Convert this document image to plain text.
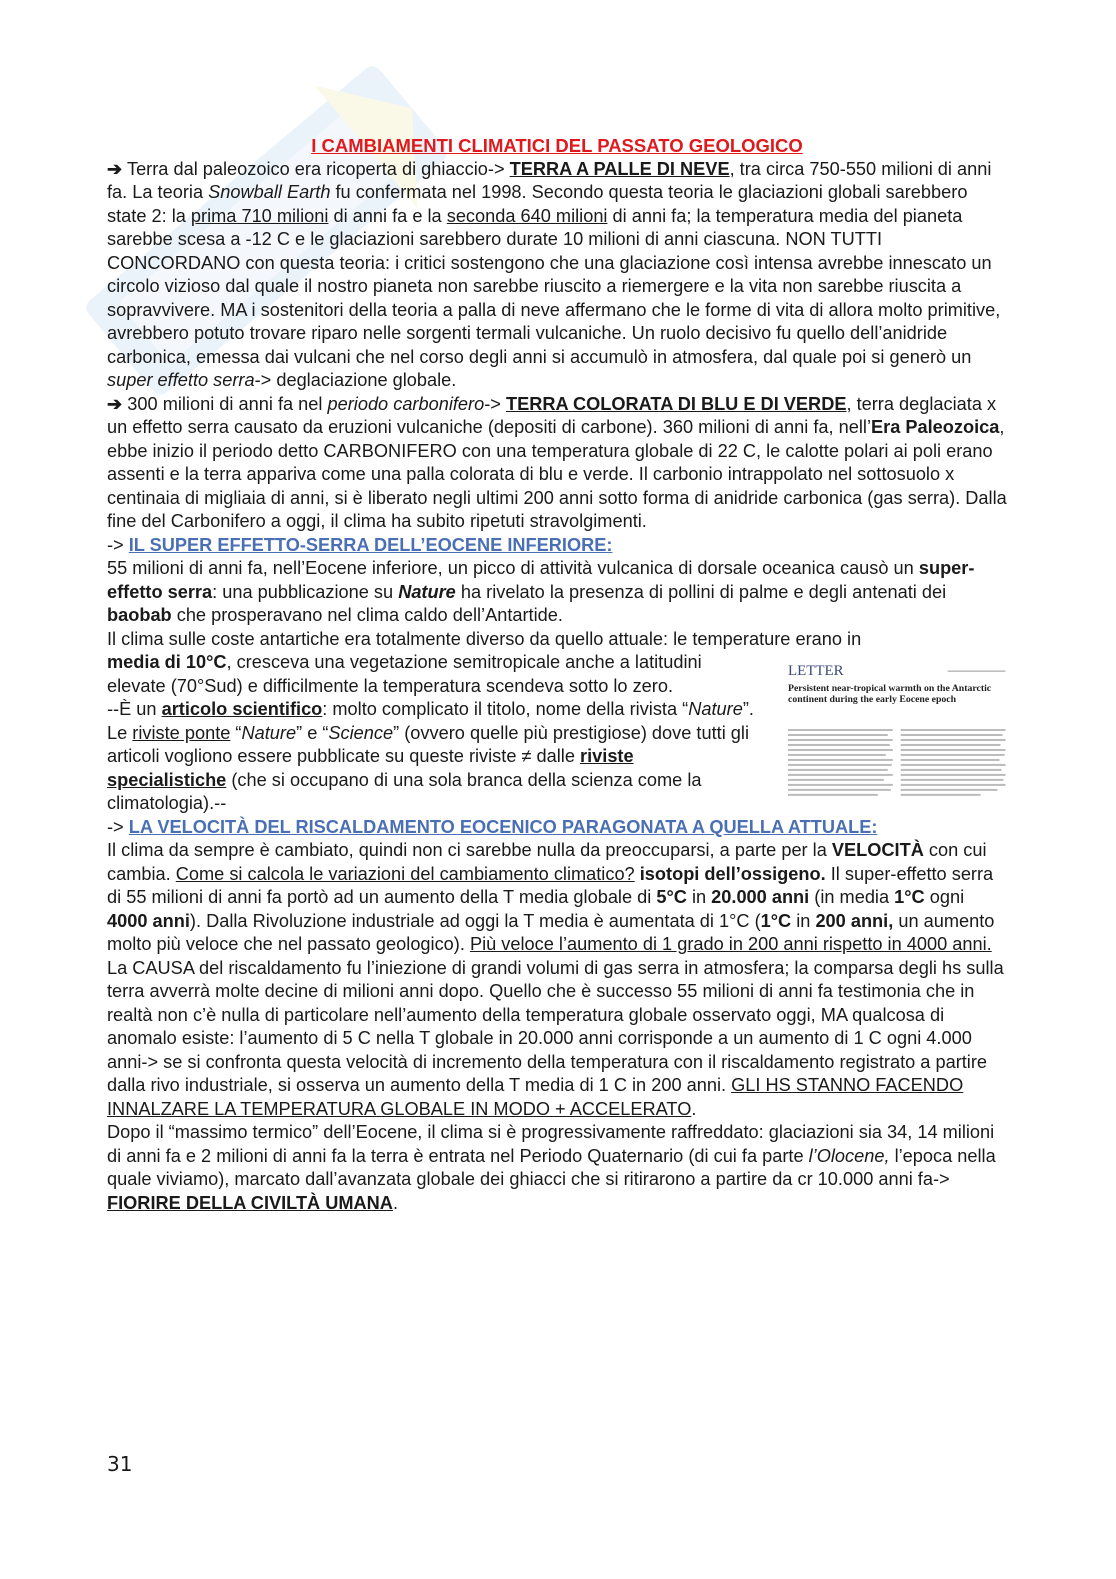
I CAMBIAMENTI CLIMATICI DEL PASSATO GEOLOGICO

➔ Terra dal paleozoico era ricoperta di ghiaccio-> TERRA A PALLE DI NEVE, tra circa 750-550 milioni di anni fa. La teoria Snowball Earth fu confermata nel 1998. Secondo questa teoria le glaciazioni globali sarebbero state 2: la prima 710 milioni di anni fa e la seconda 640 milioni di anni fa; la temperatura media del pianeta sarebbe scesa a -12 C e le glaciazioni sarebbero durate 10 milioni di anni ciascuna. NON TUTTI CONCORDANO con questa teoria: i critici sostengono che una glaciazione così intensa avrebbe innescato un circolo vizioso dal quale il nostro pianeta non sarebbe riuscito a riemergere e la vita non sarebbe riuscita a sopravvivere. MA i sostenitori della teoria a palla di neve affermano che le forme di vita di allora molto primitive, avrebbero potuto trovare riparo nelle sorgenti termali vulcaniche. Un ruolo decisivo fu quello dell’anidride carbonica, emessa dai vulcani che nel corso degli anni si accumulò in atmosfera, dal quale poi si generò un super effetto serra-> deglaciazione globale.

➔ 300 milioni di anni fa nel periodo carbonifero-> TERRA COLORATA DI BLU E DI VERDE, terra deglaciata x un effetto serra causato da eruzioni vulcaniche (depositi di carbone). 360 milioni di anni fa, nell’Era Paleozoica, ebbe inizio il periodo detto CARBONIFERO con una temperatura globale di 22 C, le calotte polari ai poli erano assenti e la terra appariva come una palla colorata di blu e verde. Il carbonio intrappolato nel sottosuolo x centinaia di migliaia di anni, si è liberato negli ultimi 200 anni sotto forma di anidride carbonica (gas serra). Dalla fine del Carbonifero a oggi, il clima ha subito ripetuti stravolgimenti.

-> IL SUPER EFFETTO-SERRA DELL’EOCENE INFERIORE:

55 milioni di anni fa, nell’Eocene inferiore, un picco di attività vulcanica di dorsale oceanica causò un super-effetto serra: una pubblicazione su Nature ha rivelato la presenza di pollini di palme e degli antenati dei baobab che prosperavano nel clima caldo dell’Antartide.

Il clima sulle coste antartiche era totalmente diverso da quello attuale: le temperature erano in

media di 10°C, cresceva una vegetazione semitropicale anche a latitudini elevate (70°Sud) e difficilmente la temperatura scendeva sotto lo zero.

--È un articolo scientifico: molto complicato il titolo, nome della rivista “Nature”. Le riviste ponte “Nature” e “Science” (ovvero quelle più prestigiose) dove tutti gli articoli vogliono essere pubblicate su queste riviste ≠ dalle riviste specialistiche (che si occupano di una sola branca della scienza come la climatologia).--

LETTER
Persistent near-tropical warmth on the Antarctic continent during the early Eocene epoch

-> LA VELOCITÀ DEL RISCALDAMENTO EOCENICO PARAGONATA A QUELLA ATTUALE:

Il clima da sempre è cambiato, quindi non ci sarebbe nulla da preoccuparsi, a parte per la VELOCITÀ con cui cambia. Come si calcola le variazioni del cambiamento climatico? isotopi dell’ossigeno. Il super-effetto serra di 55 milioni di anni fa portò ad un aumento della T media globale di 5°C in 20.000 anni (in media 1°C ogni 4000 anni). Dalla Rivoluzione industriale ad oggi la T media è aumentata di 1°C (1°C in 200 anni, un aumento molto più veloce che nel passato geologico). Più veloce l’aumento di 1 grado in 200 anni rispetto in 4000 anni. La CAUSA del riscaldamento fu l’iniezione di grandi volumi di gas serra in atmosfera; la comparsa degli hs sulla terra avverrà molte decine di milioni anni dopo. Quello che è successo 55 milioni di anni fa testimonia che in realtà non c’è nulla di particolare nell’aumento della temperatura globale osservato oggi, MA qualcosa di anomalo esiste: l’aumento di 5 C nella T globale in 20.000 anni corrisponde a un aumento di 1 C ogni 4.000 anni-> se si confronta questa velocità di incremento della temperatura con il riscaldamento registrato a partire dalla rivo industriale, si osserva un aumento della T media di 1 C in 200 anni. GLI HS STANNO FACENDO INNALZARE LA TEMPERATURA GLOBALE IN MODO + ACCELERATO.

Dopo il “massimo termico” dell’Eocene, il clima si è progressivamente raffreddato: glaciazioni sia 34, 14 milioni di anni fa e 2 milioni di anni fa la terra è entrata nel Periodo Quaternario (di cui fa parte l’Olocene, l’epoca nella quale viviamo), marcato dall’avanzata globale dei ghiacci che si ritirarono a partire da cr 10.000 anni fa-> FIORIRE DELLA CIVILTÀ UMANA.

31
